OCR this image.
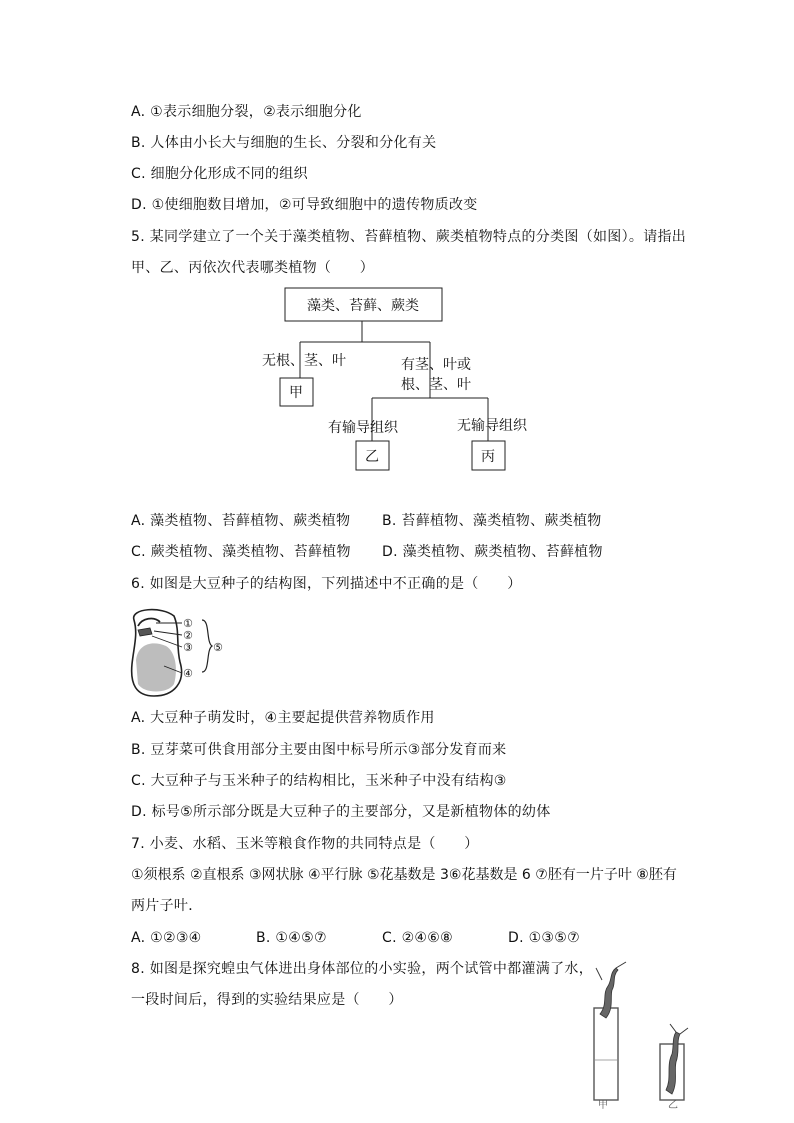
A. ①表示细胞分裂，②表示细胞分化
B. 人体由小长大与细胞的生长、分裂和分化有关
C. 细胞分化形成不同的组织
D. ①使细胞数目增加，②可导致细胞中的遗传物质改变
5. 某同学建立了一个关于藻类植物、苔藓植物、蕨类植物特点的分类图（如图）。请指出
甲、乙、丙依次代表哪类植物（　　）
藻类、苔藓、蕨类
无根、茎、叶	有茎、叶或
根、茎、叶
甲
有输导组织	无输导组织
乙	丙
A. 藻类植物、苔藓植物、蕨类植物 B. 苔藓植物、藻类植物、蕨类植物
C. 蕨类植物、藻类植物、苔藓植物 D. 藻类植物、蕨类植物、苔藓植物
6. 如图是大豆种子的结构图，下列描述中不正确的是（　　）
①
②
③
④
⑤
A. 大豆种子萌发时，④主要起提供营养物质作用
B. 豆芽菜可供食用部分主要由图中标号所示③部分发育而来
C. 大豆种子与玉米种子的结构相比，玉米种子中没有结构③
D. 标号⑤所示部分既是大豆种子的主要部分，又是新植物体的幼体
7. 小麦、水稻、玉米等粮食作物的共同特点是（　　）
①须根系 ②直根系 ③网状脉 ④平行脉 ⑤花基数是 3⑥花基数是 6 ⑦胚有一片子叶 ⑧胚有
两片子叶．
A. ①②③④	B. ①④⑤⑦	C. ②④⑥⑧	D. ①③⑤⑦
8. 如图是探究蝗虫气体进出身体部位的小实验，两个试管中都灌满了水，
一段时间后，得到的实验结果应是（　　）
甲	乙
